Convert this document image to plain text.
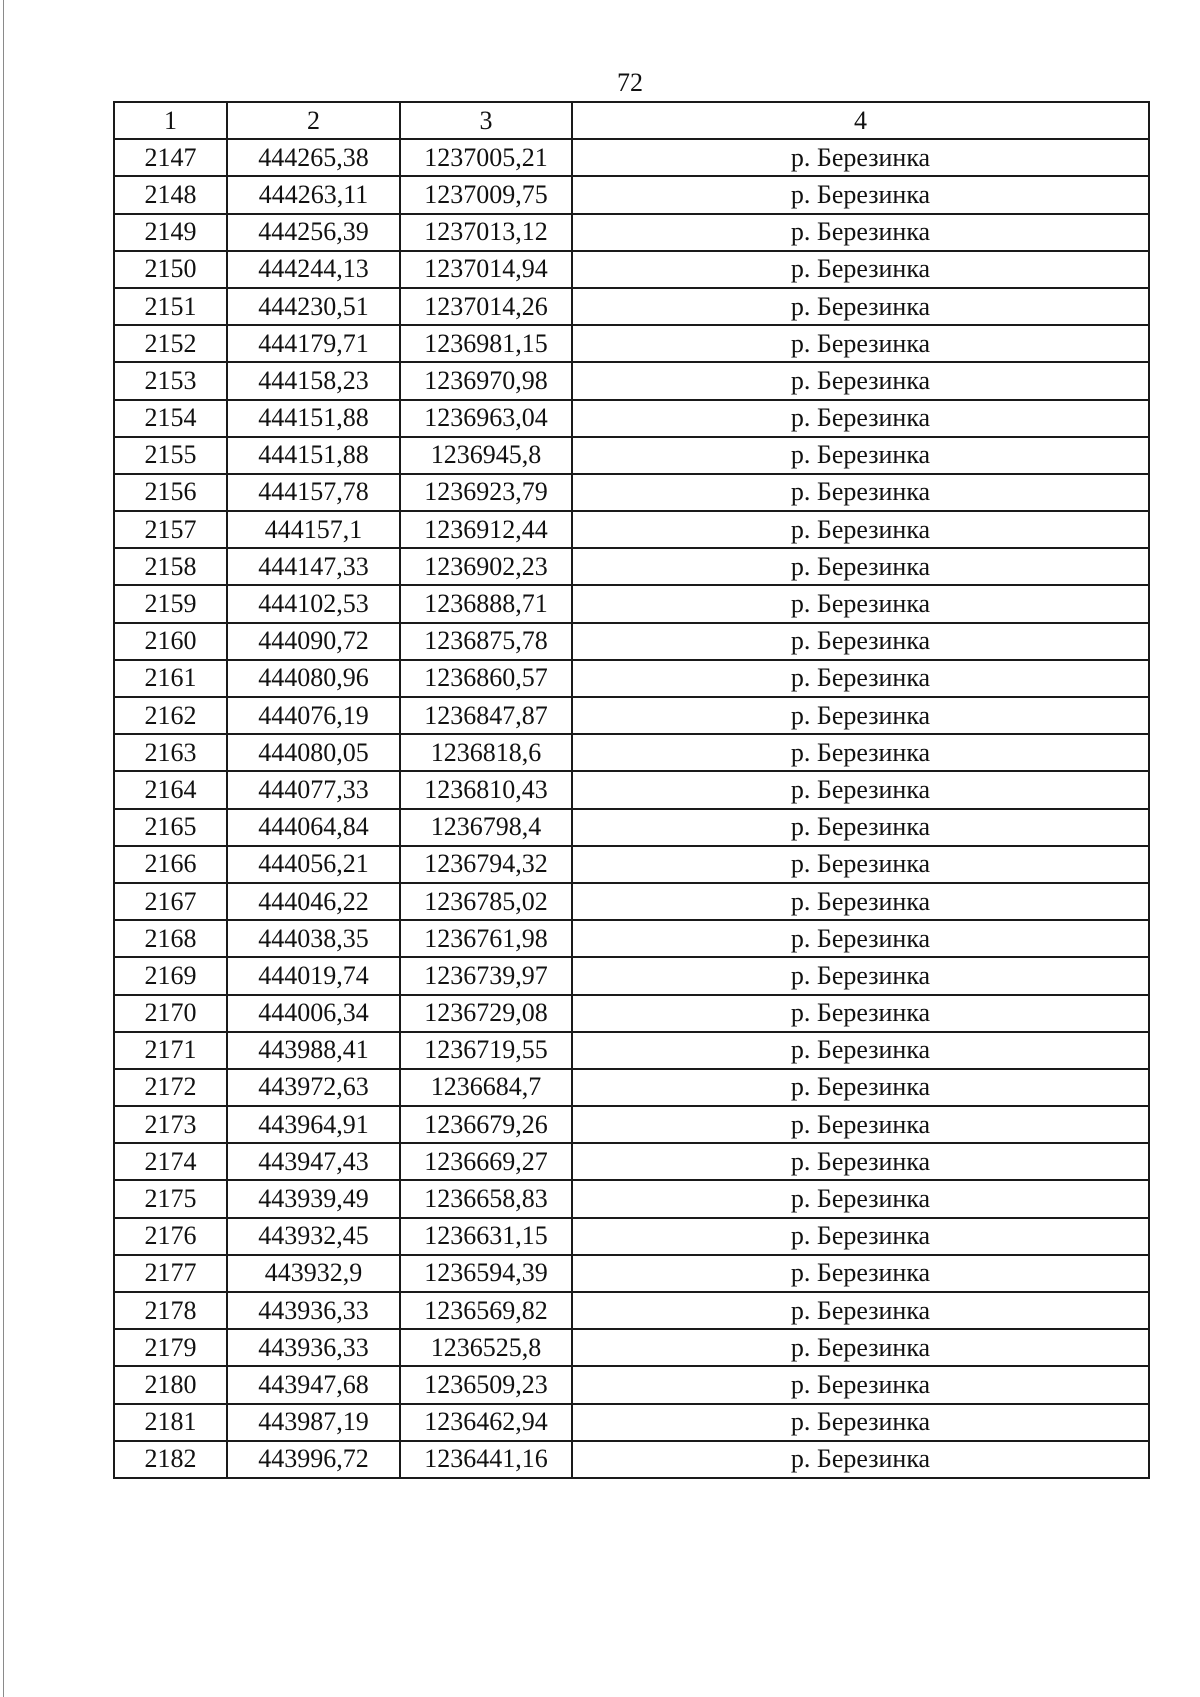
72
1	2	3	4
2147	444265,38	1237005,21	р. Березинка
2148	444263,11	1237009,75	р. Березинка
2149	444256,39	1237013,12	р. Березинка
2150	444244,13	1237014,94	р. Березинка
2151	444230,51	1237014,26	р. Березинка
2152	444179,71	1236981,15	р. Березинка
2153	444158,23	1236970,98	р. Березинка
2154	444151,88	1236963,04	р. Березинка
2155	444151,88	1236945,8	р. Березинка
2156	444157,78	1236923,79	р. Березинка
2157	444157,1	1236912,44	р. Березинка
2158	444147,33	1236902,23	р. Березинка
2159	444102,53	1236888,71	р. Березинка
2160	444090,72	1236875,78	р. Березинка
2161	444080,96	1236860,57	р. Березинка
2162	444076,19	1236847,87	р. Березинка
2163	444080,05	1236818,6	р. Березинка
2164	444077,33	1236810,43	р. Березинка
2165	444064,84	1236798,4	р. Березинка
2166	444056,21	1236794,32	р. Березинка
2167	444046,22	1236785,02	р. Березинка
2168	444038,35	1236761,98	р. Березинка
2169	444019,74	1236739,97	р. Березинка
2170	444006,34	1236729,08	р. Березинка
2171	443988,41	1236719,55	р. Березинка
2172	443972,63	1236684,7	р. Березинка
2173	443964,91	1236679,26	р. Березинка
2174	443947,43	1236669,27	р. Березинка
2175	443939,49	1236658,83	р. Березинка
2176	443932,45	1236631,15	р. Березинка
2177	443932,9	1236594,39	р. Березинка
2178	443936,33	1236569,82	р. Березинка
2179	443936,33	1236525,8	р. Березинка
2180	443947,68	1236509,23	р. Березинка
2181	443987,19	1236462,94	р. Березинка
2182	443996,72	1236441,16	р. Березинка
